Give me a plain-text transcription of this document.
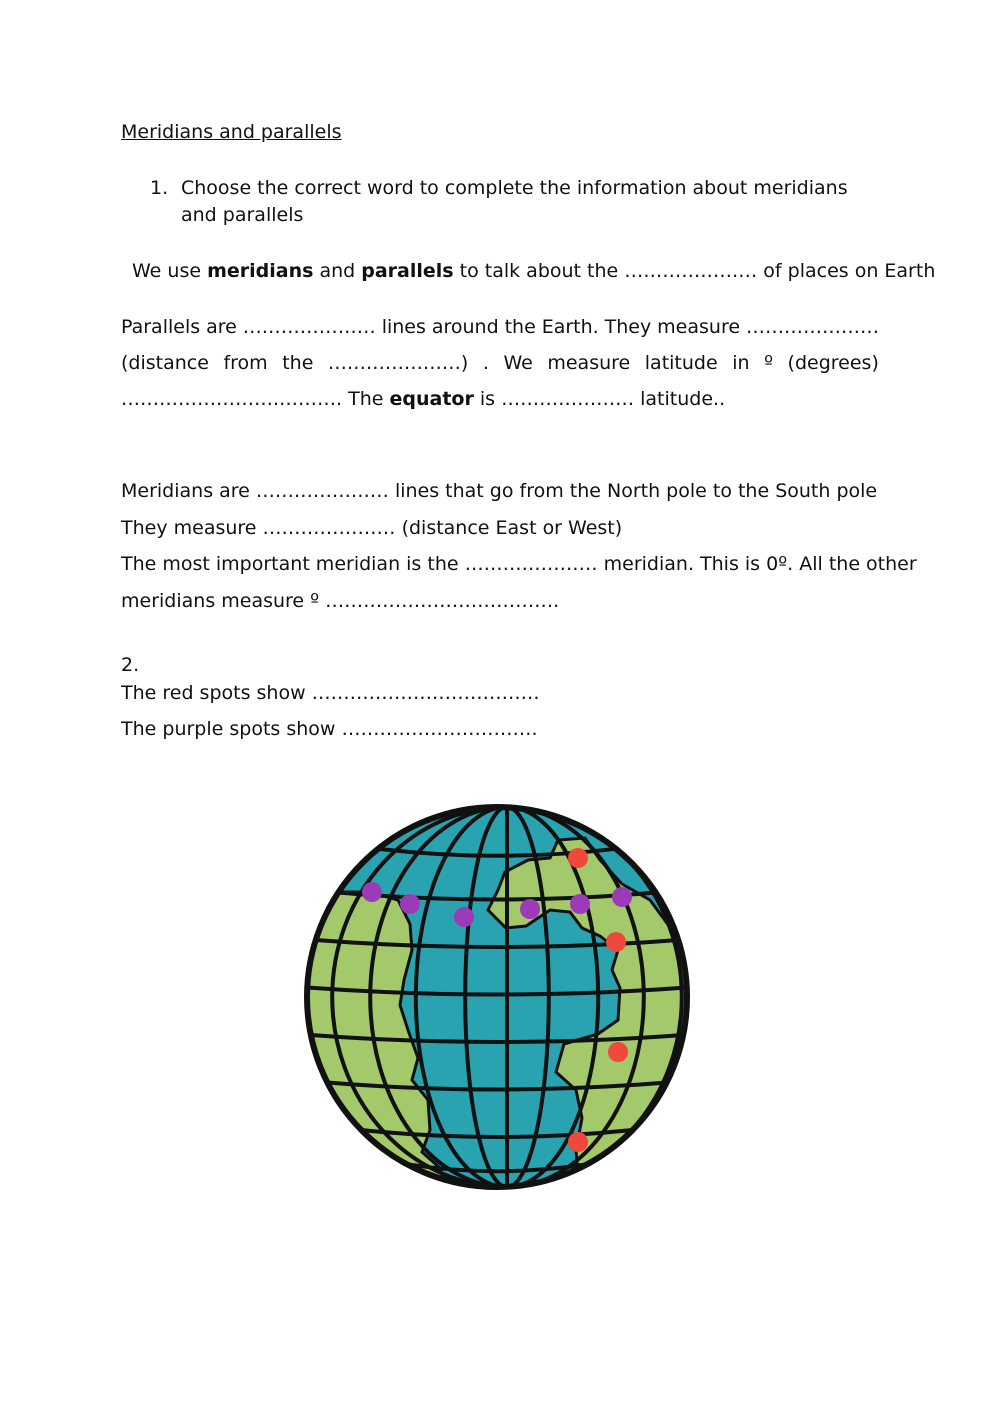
Meridians and parallels
1. Choose the correct word to complete the information about meridians and parallels
We use meridians and parallels to talk about the ………………… of places on Earth
Parallels are ………………… lines around the Earth. They measure …………………
(distance from the …………………) . We measure latitude in º (degrees)
…………………….………. The equator is ………………… latitude..
Meridians are ………………… lines that go from the North pole to the South pole
They measure ………………… (distance East or West)
The most important meridian is the ………………… meridian. This is 0º. All the other
meridians measure º ……………………………….
2.
The red spots show ………………………………
The purple spots show ………………………….
